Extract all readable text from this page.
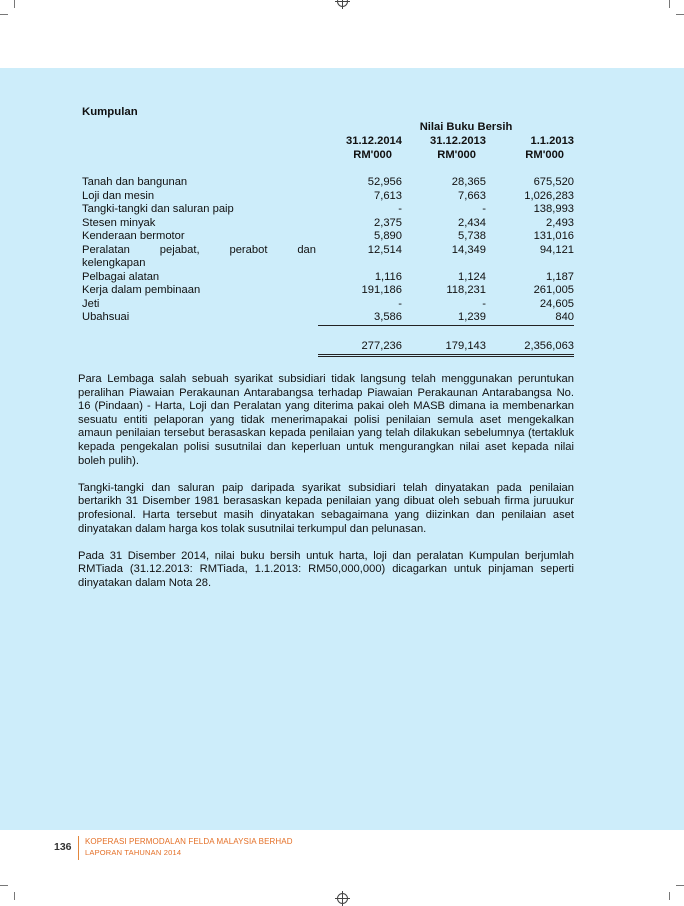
Kumpulan
	Nilai Buku Bersih		
	31.12.2014	31.12.2013	1.1.2013
	RM'000	RM'000	RM'000

Tanah dan bangunan	52,956	28,365	675,520
Loji dan mesin	7,613	7,663	1,026,283
Tangki-tangki dan saluran paip	-	-	138,993
Stesen minyak	2,375	2,434	2,493
Kenderaan bermotor	5,890	5,738	131,016

Peralatan pejabat, perabot dan
kelengkapan	12,514	14,349	94,121
Pelbagai alatan	1,116	1,124	1,187
Kerja dalam pembinaan	191,186	118,231	261,005
Jeti	-	-	24,605
Ubahsuai	3,586	1,239	840

	277,236	179,143	2,356,063

Para Lembaga salah sebuah syarikat subsidiari tidak langsung telah menggunakan peruntukan peralihan Piawaian Perakaunan Antarabangsa terhadap Piawaian Perakaunan Antarabangsa No. 16 (Pindaan) - Harta, Loji dan Peralatan yang diterima pakai oleh MASB dimana ia membenarkan sesuatu entiti pelaporan yang tidak menerimapakai polisi penilaian semula aset mengekalkan amaun penilaian tersebut berasaskan kepada penilaian yang telah dilakukan sebelumnya (tertakluk kepada pengekalan polisi susutnilai dan keperluan untuk mengurangkan nilai aset kepada nilai boleh pulih).

Tangki-tangki dan saluran paip daripada syarikat subsidiari telah dinyatakan pada penilaian bertarikh 31 Disember 1981 berasaskan kepada penilaian yang dibuat oleh sebuah firma juruukur profesional. Harta tersebut masih dinyatakan sebagaimana yang diizinkan dan penilaian aset dinyatakan dalam harga kos tolak susutnilai terkumpul dan pelunasan.

Pada 31 Disember 2014, nilai buku bersih untuk harta, loji dan peralatan Kumpulan berjumlah RMTiada (31.12.2013: RMTiada, 1.1.2013: RM50,000,000) dicagarkan untuk pinjaman seperti dinyatakan dalam Nota 28.

136 KOPERASI PERMODALAN FELDA MALAYSIA BERHAD
LAPORAN TAHUNAN 2014
